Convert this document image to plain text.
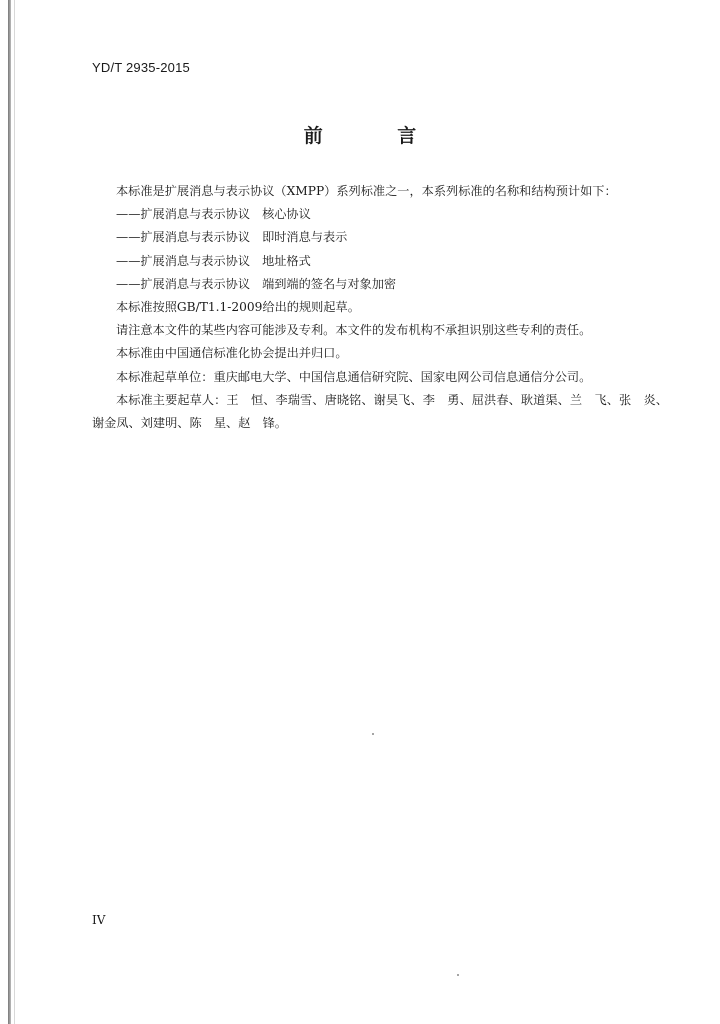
YD/T 2935-2015
前 言

本标准是扩展消息与表示协议（XMPP）系列标准之一，本系列标准的名称和结构预计如下：

——扩展消息与表示协议 核心协议

——扩展消息与表示协议 即时消息与表示

——扩展消息与表示协议 地址格式

——扩展消息与表示协议 端到端的签名与对象加密

本标准按照GB/T1.1-2009给出的规则起草。

请注意本文件的某些内容可能涉及专利。本文件的发布机构不承担识别这些专利的责任。

本标准由中国通信标准化协会提出并归口。

本标准起草单位：重庆邮电大学、中国信息通信研究院、国家电网公司信息通信分公司。

本标准主要起草人：王　恒、李瑞雪、唐晓铭、谢昊飞、李　勇、屈洪春、耿道渠、兰　飞、张　炎、谢金凤、刘建明、陈　星、赵　锋。

IV
